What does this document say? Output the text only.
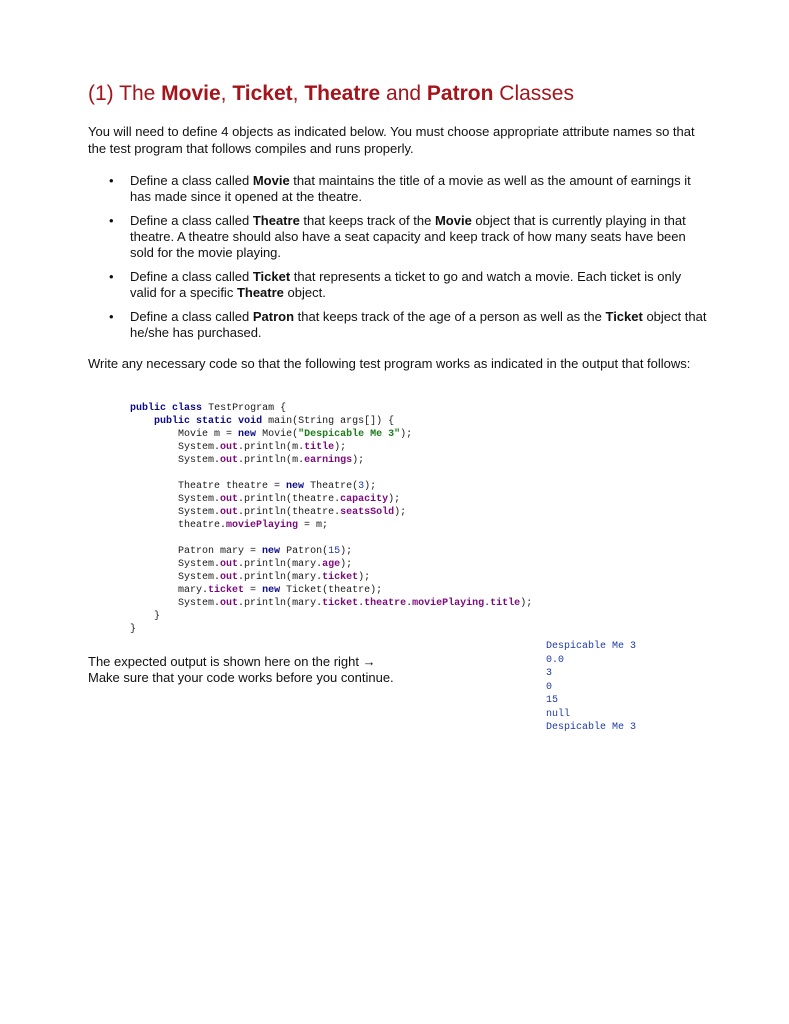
(1) The Movie, Ticket, Theatre and Patron Classes
You will need to define 4 objects as indicated below. You must choose appropriate attribute names so that the test program that follows compiles and runs properly.
• Define a class called Movie that maintains the title of a movie as well as the amount of earnings it has made since it opened at the theatre.
• Define a class called Theatre that keeps track of the Movie object that is currently playing in that theatre. A theatre should also have a seat capacity and keep track of how many seats have been sold for the movie playing.
• Define a class called Ticket that represents a ticket to go and watch a movie. Each ticket is only valid for a specific Theatre object.
• Define a class called Patron that keeps track of the age of a person as well as the Ticket object that he/she has purchased.
Write any necessary code so that the following test program works as indicated in the output that follows:
public class TestProgram {
public static void main(String args[]) {
Movie m = new Movie("Despicable Me 3");
System.out.println(m.title);
System.out.println(m.earnings);

Theatre theatre = new Theatre(3);
System.out.println(theatre.capacity);
System.out.println(theatre.seatsSold);
theatre.moviePlaying = m;

Patron mary = new Patron(15);
System.out.println(mary.age);
System.out.println(mary.ticket);
mary.ticket = new Ticket(theatre);
System.out.println(mary.ticket.theatre.moviePlaying.title);
}
}
The expected output is shown here on the right →
Make sure that your code works before you continue.
Despicable Me 3
0.0
3
0
15
null
Despicable Me 3
